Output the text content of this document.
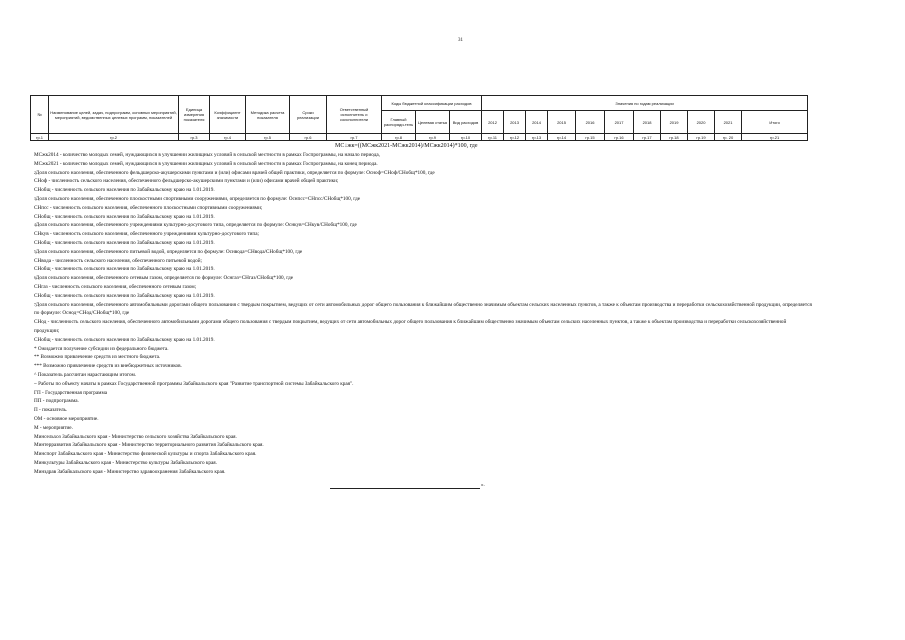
31
№	Наименование целей, задач, подпрограмм, основных мероприятий, мероприятий, ведомственных целевых программ, показателей	Единица измерения показателя	Коэффициент значимости	Методика расчета показателя	Сроки реализации	Ответственный исполнитель и соисполнители	Коды бюджетной классификации расходов			Значения по годам реализации										
							Главный распоряди-тель	Целевая статья	Вид расходов	2012	2013	2014	2015	2016	2017	2018	2019	2020	2021	Итого
гр.1	гр.2	гр.3	гр.4	гр.5	гр.6	гр.7	гр.8	гр.9	гр.10	гр.11	гр.12	гр.13	гр.14	гр.15	гр.16	гр.17	гр.18	гр.19	гр. 20	гр.21
МС↓жк=((МСжк2021-МСжк2014)/МСжк2014)*100, где
МСжк2014 - количество молодых семей, нуждающихся в улучшении жилищных условий в сельской местности в рамках Госпрограммы, на начало периода,
МСжк2021 - количество молодых семей, нуждающихся в улучшении жилищных условий в сельской местности в рамках Госпрограммы, на конец периода.
$^2$Доля сельского населения, обеспеченного фельдшерско-акушерскими пунктами и (или) офисами врачей общей практики, определяется по формуле: Осноф=СНоф/СНобщ*100, где
СНоф - численность сельского населения, обеспеченного фельдшерско-акушерскими пунктами и (или) офисами врачей общей практики;
СНобщ - численность сельского населения по Забайкальскому краю на 1.01.2019.
$^3$Доля сельского населения, обеспеченного плоскостными спортивными сооружениями, определяется по формуле: Оснпсс=СНпсс/СНобщ*100, где
СНпсс - численность сельского населения, обеспеченного плоскостными спортивными сооружениями;
СНобщ - численность сельского населения по Забайкальскому краю на 1.01.2019.
$^4$Доля сельского населения, обеспеченного учреждениями культурно-досугового типа, определяется по формуле: Оснкув=СНкув/СНобщ*100, где
СНкув - численность сельского населения, обеспеченного учреждениями культурно-досугового типа;
СНобщ - численность сельского населения по Забайкальскому краю на 1.01.2019.
$^5$Доля сельского населения, обеспеченного питьевой водой, определяется по формуле: Оснвода=СНвода/СНобщ*100, где
СНвода - численность сельского населения, обеспеченного питьевой водой;
СНобщ - численность сельского населения по Забайкальскому краю на 1.01.2019.
$^6$Доля сельского населения, обеспеченного сетевым газом, определяется по формуле: Оснгаз=СНгаз/СНобщ*100, где
СНгаз - численность сельского населения, обеспеченного сетевым газом;
СНобщ - численность сельского населения по Забайкальскому краю на 1.01.2019.
$^7$Доля сельского населения, обеспеченного автомобильными дорогами общего пользования с твердым покрытием, ведущих от сети автомобильных дорог общего пользования к ближайшим общественно значимым объектам сельских населенных пунктов, а также к объектам производства и переработки сельскохозяйственной продукции, определяется по формуле: Оснод=СНод/СНобщ*100, где
СНод - численность сельского населения, обеспеченного автомобильными дорогами общего пользования с твердым покрытием, ведущих от сети автомобильных дорог общего пользования к ближайшим общественно значимым объектам сельских населенных пунктов, а также к объектам производства и переработки сельскохозяйственной продукции;
СНобщ - численность сельского населения по Забайкальскому краю на 1.01.2019.
* Ожидается получение субсидии из федерального бюджета.
** Возможно привлечение средств из местного бюджета.
*** Возможно привлечение средств из внебюджетных источников.
^ Показатель рассчитан нарастающим итогом.
~ Работы по объекту начаты в рамках Государственной программы Забайкальского края "Развитие транспортной системы Забайкальского края".
ГП - Государственная программа
ПП - подпрограмма.
П - показатель.
ОМ - основное мероприятие.
М - мероприятие.
Минсельхоз Забайкальского края - Министерство сельского хозяйства Забайкальского края.
Минтерразвития Забайкальского края - Министерство территориального развития Забайкальского края.
Минспорт Забайкальского края - Министерство физической культуры и спорта Забайкальского края.
Минкультуры Забайкальского края - Министерство культуры Забайкальского края.
Минздрав Забайкальского края - Министерство здравоохранения Забайкальского края.
».
